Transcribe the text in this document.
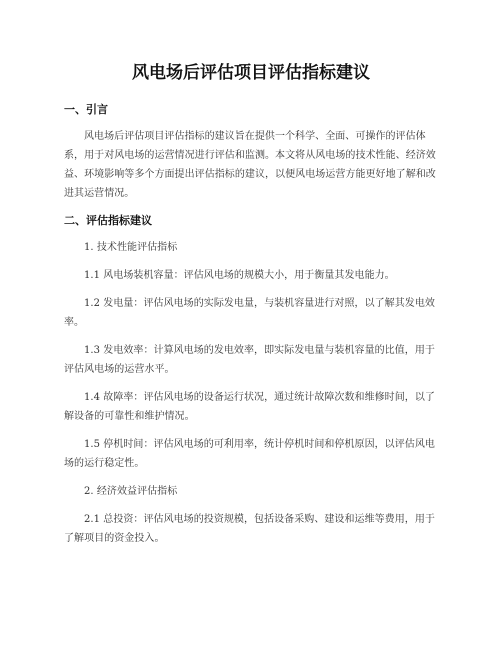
风电场后评估项目评估指标建议
一、引言

风电场后评估项目评估指标的建议旨在提供一个科学、全面、可操作的评估体系，用于对风电场的运营情况进行评估和监测。本文将从风电场的技术性能、经济效益、环境影响等多个方面提出评估指标的建议，以便风电场运营方能更好地了解和改进其运营情况。

二、评估指标建议

1. 技术性能评估指标

1.1 风电场装机容量：评估风电场的规模大小，用于衡量其发电能力。

1.2 发电量：评估风电场的实际发电量，与装机容量进行对照，以了解其发电效率。

1.3 发电效率：计算风电场的发电效率，即实际发电量与装机容量的比值，用于评估风电场的运营水平。

1.4 故障率：评估风电场的设备运行状况，通过统计故障次数和维修时间，以了解设备的可靠性和维护情况。

1.5 停机时间：评估风电场的可利用率，统计停机时间和停机原因，以评估风电场的运行稳定性。

2. 经济效益评估指标

2.1 总投资：评估风电场的投资规模，包括设备采购、建设和运维等费用，用于了解项目的资金投入。
